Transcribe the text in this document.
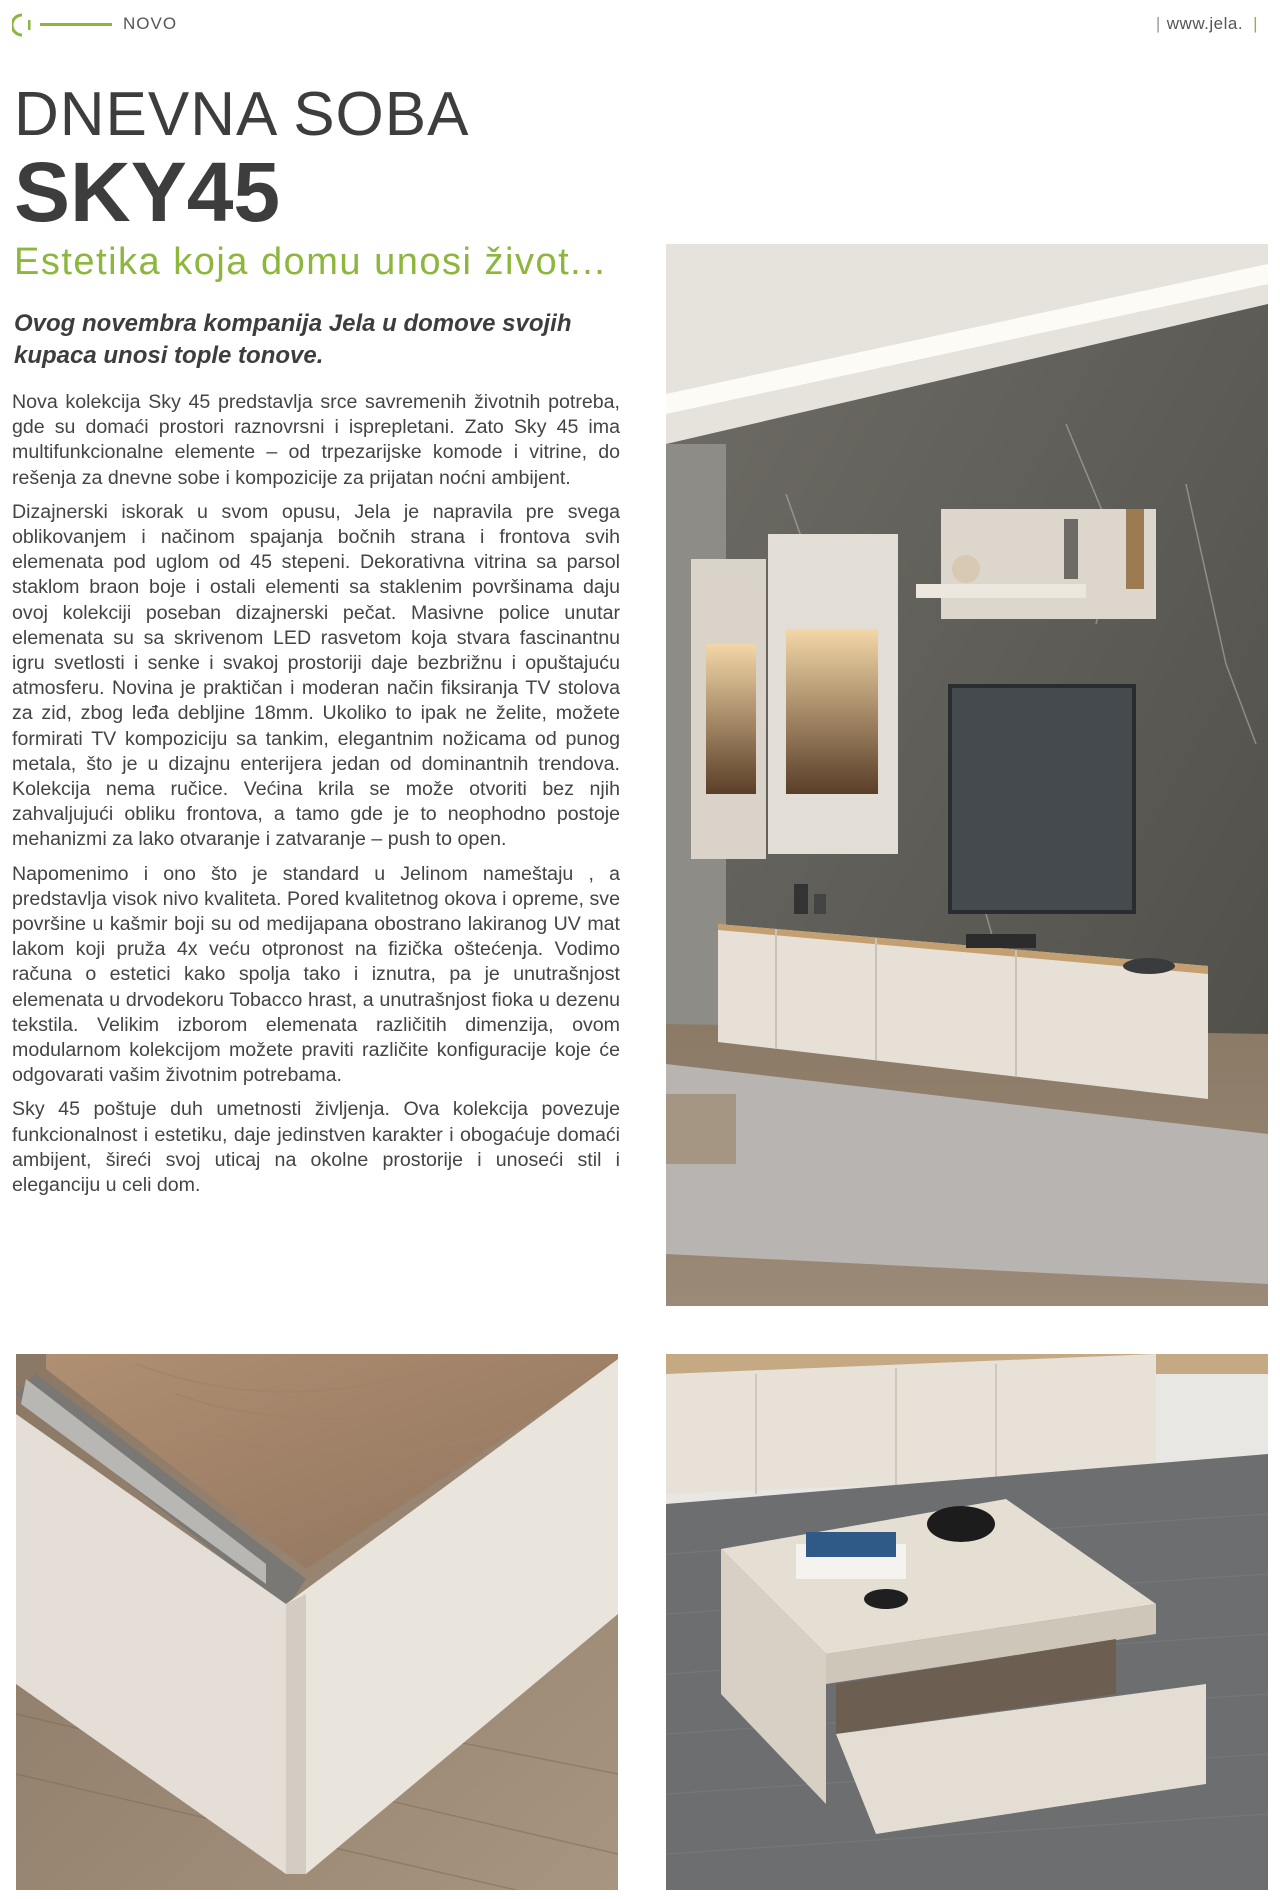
NOVO	| www.jela. |
DNEVNA SOBA
SKY45
Estetika koja domu unosi život...
Ovog novembra kompanija Jela u domove svojih kupaca unosi tople tonove.

Nova kolekcija Sky 45 predstavlja srce savremenih životnih potreba, gde su domaći prostori raznovrsni i isprepletani. Zato Sky 45 ima multifunkcionalne elemente – od trpezarijske komode i vitrine, do rešenja za dnevne sobe i kompozicije za prijatan noćni ambijent.

Dizajnerski iskorak u svom opusu, Jela je napravila pre svega oblikovanjem i načinom spajanja bočnih strana i frontova svih elemenata pod uglom od 45 stepeni. Dekorativna vitrina sa parsol staklom braon boje i ostali elementi sa staklenim površinama daju ovoj kolekciji poseban dizajnerski pečat. Masivne police unutar elemenata su sa skrivenom LED rasvetom koja stvara fascinantnu igru svetlosti i senke i svakoj prostoriji daje bezbrižnu i opuštajuću atmosferu. Novina je praktičan i moderan način fiksiranja TV stolova za zid, zbog leđa debljine 18mm. Ukoliko to ipak ne želite, možete formirati TV kompoziciju sa tankim, elegantnim nožicama od punog metala, što je u dizajnu enterijera jedan od dominantnih trendova. Kolekcija nema ručice. Većina krila se može otvoriti bez njih zahvaljujući obliku frontova, a tamo gde je to neophodno postoje mehanizmi za lako otvaranje i zatvaranje – push to open.

Napomenimo i ono što je standard u Jelinom nameštaju , a predstavlja visok nivo kvaliteta. Pored kvalitetnog okova i opreme, sve površine u kašmir boji su od medijapana obostrano lakiranog UV mat lakom koji pruža 4x veću otpronost na fizička oštećenja. Vodimo računa o estetici kako spolja tako i iznutra, pa je unutrašnjost elemenata u drvodekoru Tobacco hrast, a unutrašnjost fioka u dezenu tekstila. Velikim izborom elemenata različitih dimenzija, ovom modularnom kolekcijom možete praviti različite konfiguracije koje će odgovarati vašim životnim potrebama.

Sky 45 poštuje duh umetnosti življenja. Ova kolekcija povezuje funkcionalnost i estetiku, daje jedinstven karakter i obogaćuje domaći ambijent, šireći svoj uticaj na okolne prostorije i unoseći stil i eleganciju u celi dom.
